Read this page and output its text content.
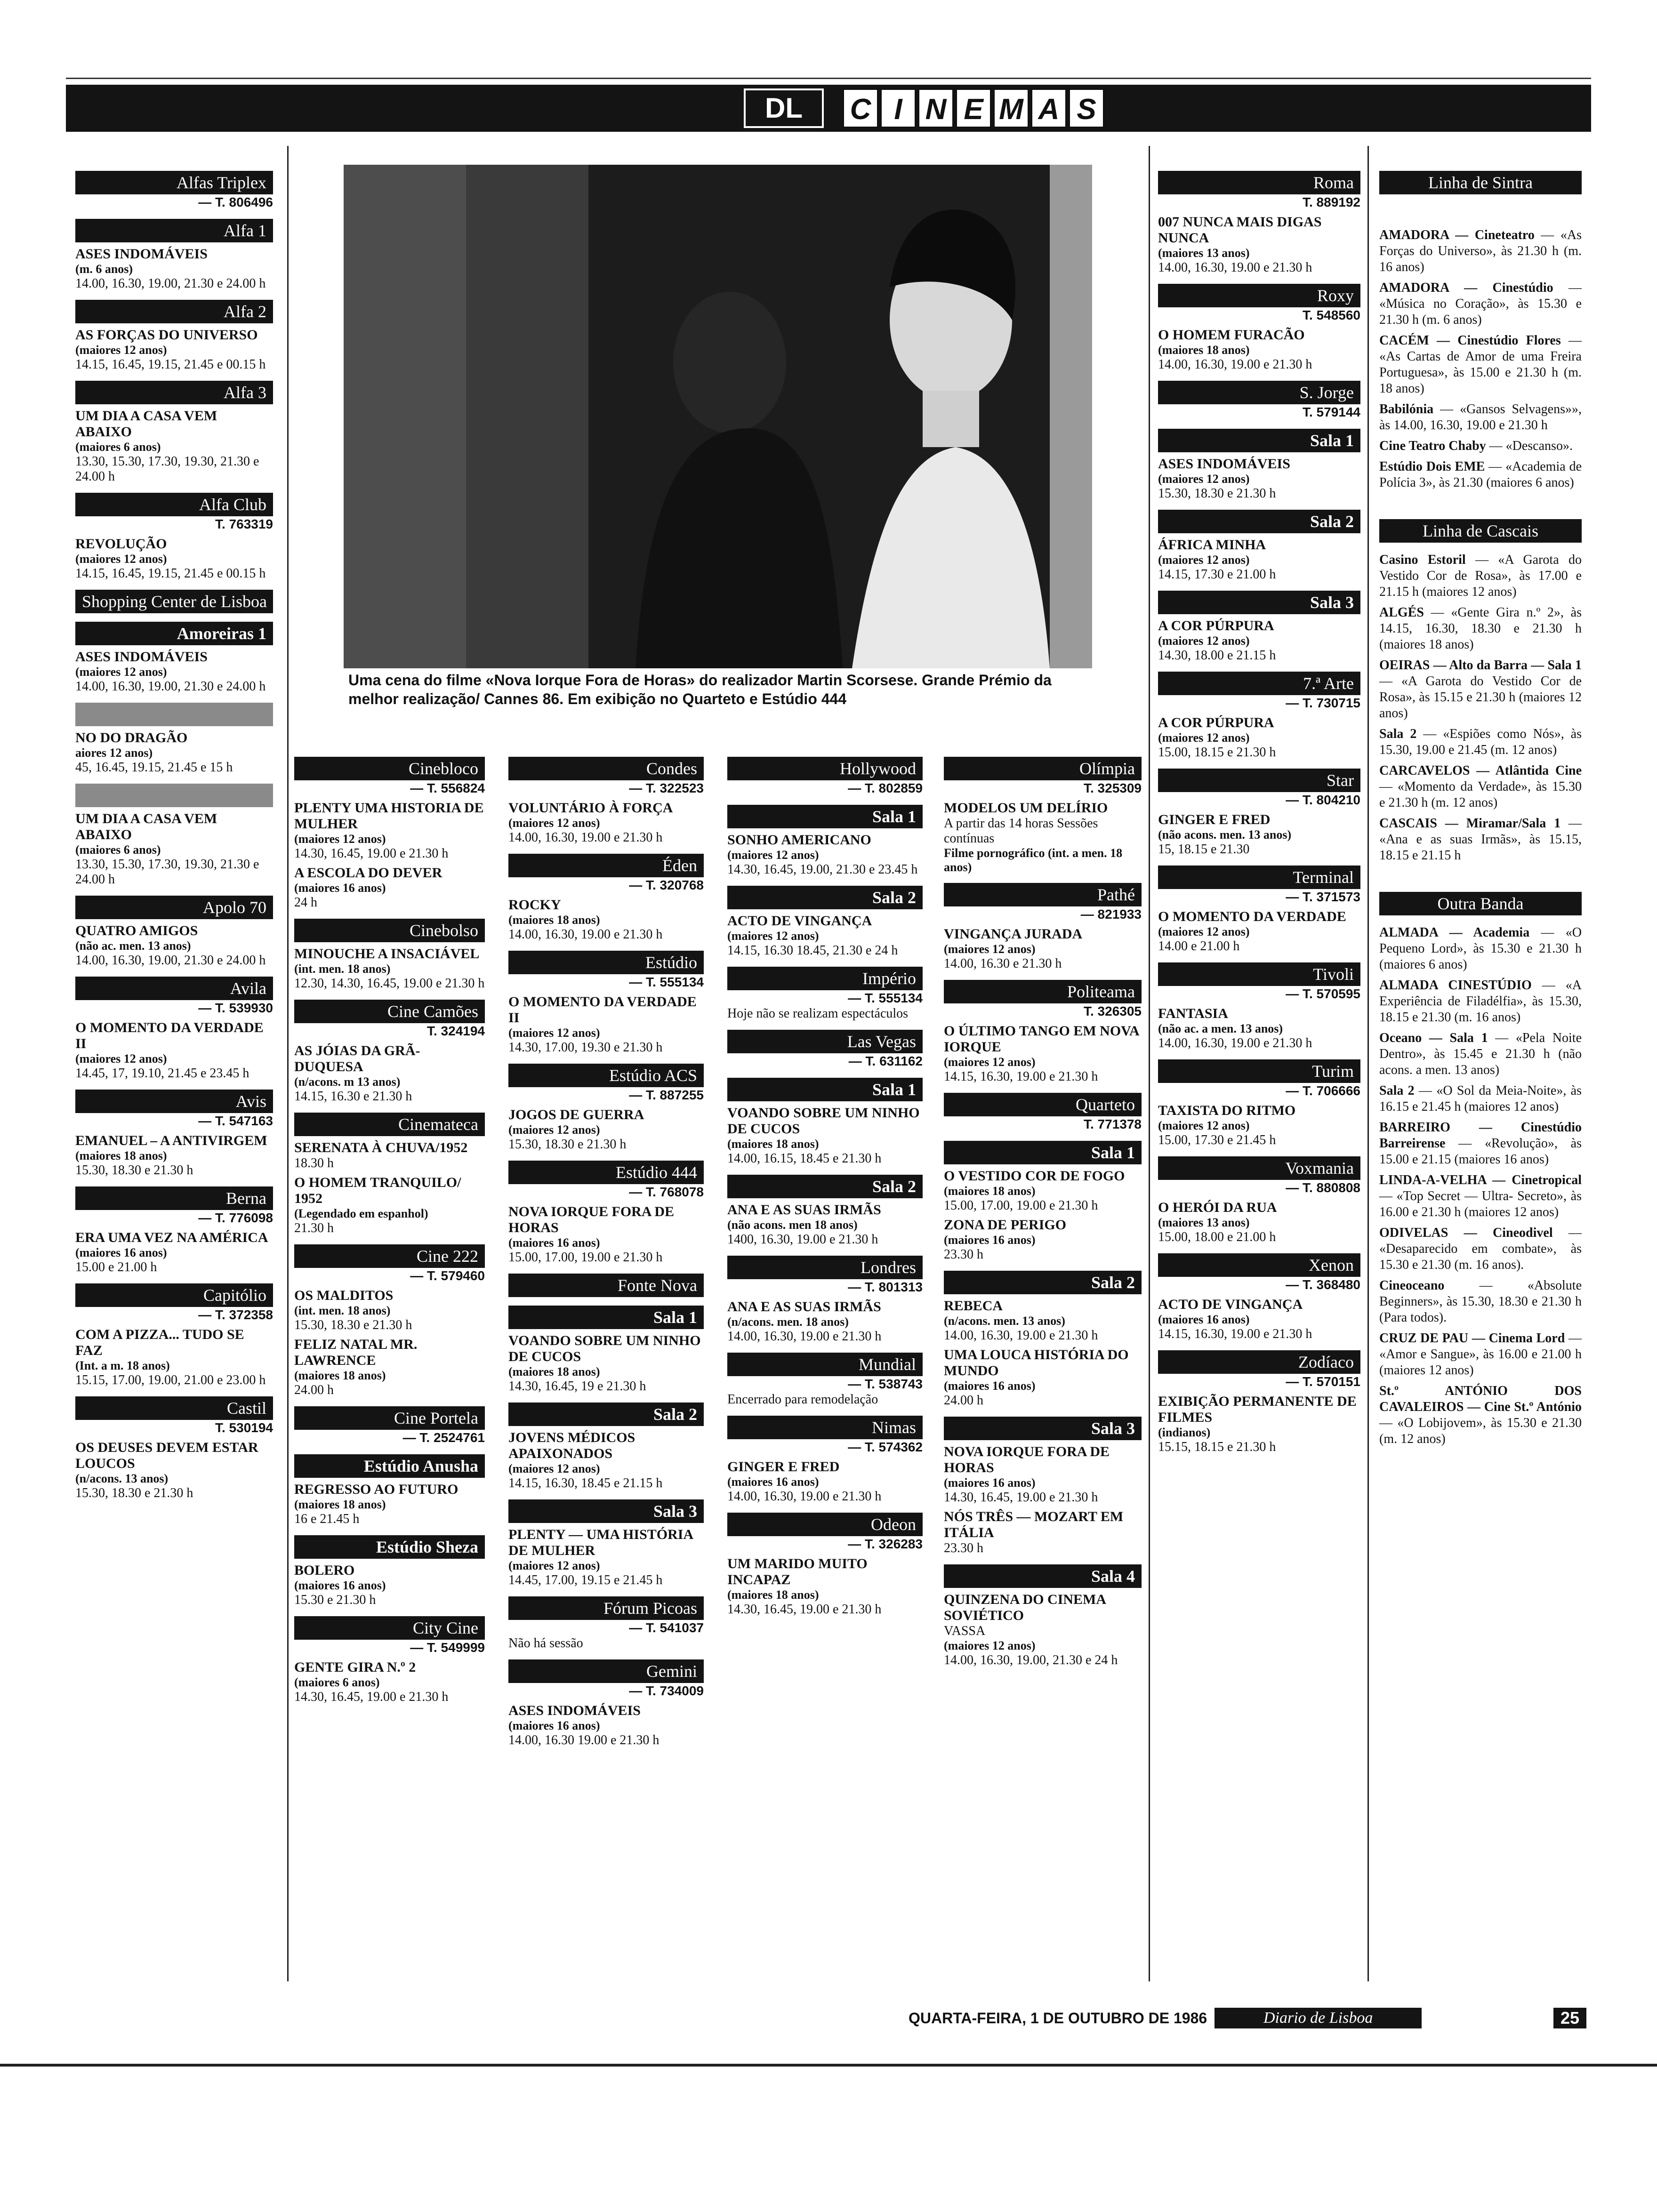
DL	C I N E M A S
Uma cena do filme «Nova Iorque Fora de Horas» do realizador Martin Scorsese. Grande Prémio da melhor realização/ Cannes 86. Em exibição no Quarteto e Estúdio 444
Alfas Triplex
— T. 806496
Alfa 1
ASES INDOMÁVEIS
(m. 6 anos)
14.00, 16.30, 19.00, 21.30 e 24.00 h
Alfa 2
AS FORÇAS DO UNIVERSO
(maiores 12 anos)
14.15, 16.45, 19.15, 21.45 e 00.15 h
Alfa 3
UM DIA A CASA VEM ABAIXO
(maiores 6 anos)
13.30, 15.30, 17.30, 19.30, 21.30 e 24.00 h
Alfa Club
T. 763319
REVOLUÇÃO
(maiores 12 anos)
14.15, 16.45, 19.15, 21.45 e 00.15 h
Shopping Center de Lisboa
Amoreiras 1
ASES INDOMÁVEIS
(maiores 12 anos)
14.00, 16.30, 19.00, 21.30 e 24.00 h
NO DO DRAGÃO
aiores 12 anos)
45, 16.45, 19.15, 21.45 e 15 h
UM DIA A CASA VEM ABAIXO
(maiores 6 anos)
13.30, 15.30, 17.30, 19.30, 21.30 e 24.00 h
Apolo 70
QUATRO AMIGOS
(não ac. men. 13 anos)
14.00, 16.30, 19.00, 21.30 e 24.00 h
Avila
— T. 539930
O MOMENTO DA VERDADE II
(maiores 12 anos)
14.45, 17, 19.10, 21.45 e 23.45 h
Avis
— T. 547163
EMANUEL – A ANTIVIRGEM
(maiores 18 anos)
15.30, 18.30 e 21.30 h
Berna
— T. 776098
ERA UMA VEZ NA AMÉRICA
(maiores 16 anos)
15.00 e 21.00 h
Capitólio
— T. 372358
COM A PIZZA... TUDO SE FAZ
(Int. a m. 18 anos)
15.15, 17.00, 19.00, 21.00 e 23.00 h
Castil
T. 530194
OS DEUSES DEVEM ESTAR LOUCOS
(n/acons. 13 anos)
15.30, 18.30 e 21.30 h
Cinebloco
— T. 556824
PLENTY UMA HISTORIA DE MULHER
(maiores 12 anos)
14.30, 16.45, 19.00 e 21.30 h
A ESCOLA DO DEVER
(maiores 16 anos)
24 h
Cinebolso
MINOUCHE A INSACIÁVEL
(int. men. 18 anos)
12.30, 14.30, 16.45, 19.00 e 21.30 h
Cine Camões
T. 324194
AS JÓIAS DA GRÃ-DUQUESA
(n/acons. m 13 anos)
14.15, 16.30 e 21.30 h
Cinemateca
SERENATA À CHUVA/1952
18.30 h
O HOMEM TRANQUILO/ 1952
(Legendado em espanhol)
21.30 h
Cine 222
— T. 579460
OS MALDITOS
(int. men. 18 anos)
15.30, 18.30 e 21.30 h
FELIZ NATAL MR. LAWRENCE
(maiores 18 anos)
24.00 h
Cine Portela
— T. 2524761
Estúdio Anusha
REGRESSO AO FUTURO
(maiores 18 anos)
16 e 21.45 h
Estúdio Sheza
BOLERO
(maiores 16 anos)
15.30 e 21.30 h
City Cine
— T. 549999
GENTE GIRA N.º 2
(maiores 6 anos)
14.30, 16.45, 19.00 e 21.30 h
Condes
— T. 322523
VOLUNTÁRIO À FORÇA
(maiores 12 anos)
14.00, 16.30, 19.00 e 21.30 h
Éden
— T. 320768
ROCKY
(maiores 18 anos)
14.00, 16.30, 19.00 e 21.30 h
Estúdio
— T. 555134
O MOMENTO DA VERDADE II
(maiores 12 anos)
14.30, 17.00, 19.30 e 21.30 h
Estúdio ACS
— T. 887255
JOGOS DE GUERRA
(maiores 12 anos)
15.30, 18.30 e 21.30 h
Estúdio 444
— T. 768078
NOVA IORQUE FORA DE HORAS
(maiores 16 anos)
15.00, 17.00, 19.00 e 21.30 h
Fonte Nova
Sala 1
VOANDO SOBRE UM NINHO DE CUCOS
(maiores 18 anos)
14.30, 16.45, 19 e 21.30 h
Sala 2
JOVENS MÉDICOS APAIXONADOS
(maiores 12 anos)
14.15, 16.30, 18.45 e 21.15 h
Sala 3
PLENTY — UMA HISTÓRIA DE MULHER
(maiores 12 anos)
14.45, 17.00, 19.15 e 21.45 h
Fórum Picoas
— T. 541037
Não há sessão
Gemini
— T. 734009
ASES INDOMÁVEIS
(maiores 16 anos)
14.00, 16.30 19.00 e 21.30 h
Hollywood
— T. 802859
Sala 1
SONHO AMERICANO
(maiores 12 anos)
14.30, 16.45, 19.00, 21.30 e 23.45 h
Sala 2
ACTO DE VINGANÇA
(maiores 12 anos)
14.15, 16.30 18.45, 21.30 e 24 h
Império
— T. 555134
Hoje não se realizam espectáculos
Las Vegas
— T. 631162
Sala 1
VOANDO SOBRE UM NINHO DE CUCOS
(maiores 18 anos)
14.00, 16.15, 18.45 e 21.30 h
Sala 2
ANA E AS SUAS IRMÃS
(não acons. men 18 anos)
1400, 16.30, 19.00 e 21.30 h
Londres
— T. 801313
ANA E AS SUAS IRMÃS
(n/acons. men. 18 anos)
14.00, 16.30, 19.00 e 21.30 h
Mundial
— T. 538743
Encerrado para remodelação
Nimas
— T. 574362
GINGER E FRED
(maiores 16 anos)
14.00, 16.30, 19.00 e 21.30 h
Odeon
— T. 326283
UM MARIDO MUITO INCAPAZ
(maiores 18 anos)
14.30, 16.45, 19.00 e 21.30 h
Olímpia
T. 325309
MODELOS UM DELÍRIO
A partir das 14 horas Sessões contínuas
Filme pornográfico (int. a men. 18 anos)
Pathé
— 821933
VINGANÇA JURADA
(maiores 12 anos)
14.00, 16.30 e 21.30 h
Politeama
T. 326305
O ÚLTIMO TANGO EM NOVA IORQUE
(maiores 12 anos)
14.15, 16.30, 19.00 e 21.30 h
Quarteto
T. 771378
Sala 1
O VESTIDO COR DE FOGO
(maiores 18 anos)
15.00, 17.00, 19.00 e 21.30 h
ZONA DE PERIGO
(maiores 16 anos)
23.30 h
Sala 2
REBECA
(n/acons. men. 13 anos)
14.00, 16.30, 19.00 e 21.30 h
UMA LOUCA HISTÓRIA DO MUNDO
(maiores 16 anos)
24.00 h
Sala 3
NOVA IORQUE FORA DE HORAS
(maiores 16 anos)
14.30, 16.45, 19.00 e 21.30 h
NÓS TRÊS — MOZART EM ITÁLIA
23.30 h
Sala 4
QUINZENA DO CINEMA SOVIÉTICO
VASSA
(maiores 12 anos)
14.00, 16.30, 19.00, 21.30 e 24 h
Roma
T. 889192
007 NUNCA MAIS DIGAS NUNCA
(maiores 13 anos)
14.00, 16.30, 19.00 e 21.30 h
Roxy
T. 548560
O HOMEM FURACÃO
(maiores 18 anos)
14.00, 16.30, 19.00 e 21.30 h
S. Jorge
T. 579144
Sala 1
ASES INDOMÁVEIS
(maiores 12 anos)
15.30, 18.30 e 21.30 h
Sala 2
ÁFRICA MINHA
(maiores 12 anos)
14.15, 17.30 e 21.00 h
Sala 3
A COR PÚRPURA
(maiores 12 anos)
14.30, 18.00 e 21.15 h
7.ª Arte
— T. 730715
A COR PÚRPURA
(maiores 12 anos)
15.00, 18.15 e 21.30 h
Star
— T. 804210
GINGER E FRED
(não acons. men. 13 anos)
15, 18.15 e 21.30
Terminal
— T. 371573
O MOMENTO DA VERDADE
(maiores 12 anos)
14.00 e 21.00 h
Tivoli
— T. 570595
FANTASIA
(não ac. a men. 13 anos)
14.00, 16.30, 19.00 e 21.30 h
Turim
— T. 706666
TAXISTA DO RITMO
(maiores 12 anos)
15.00, 17.30 e 21.45 h
Voxmania
— T. 880808
O HERÓI DA RUA
(maiores 13 anos)
15.00, 18.00 e 21.00 h
Xenon
— T. 368480
ACTO DE VINGANÇA
(maiores 16 anos)
14.15, 16.30, 19.00 e 21.30 h
Zodíaco
— T. 570151
EXIBIÇÃO PERMANENTE DE FILMES
(indianos)
15.15, 18.15 e 21.30 h
Linha de Sintra

AMADORA — Cineteatro — «As Forças do Universo», às 21.30 h (m. 16 anos)

AMADORA — Cinestúdio — «Música no Coração», às 15.30 e 21.30 h (m. 6 anos)

CACÉM — Cinestúdio Flores — «As Cartas de Amor de uma Freira Portuguesa», às 15.00 e 21.30 h (m. 18 anos)

Babilónia — «Gansos Selvagens»», às 14.00, 16.30, 19.00 e 21.30 h

Cine Teatro Chaby — «Descanso».

Estúdio Dois EME — «Academia de Polícia 3», às 21.30 (maiores 6 anos)

Linha de Cascais

Casino Estoril — «A Garota do Vestido Cor de Rosa», às 17.00 e 21.15 h (maiores 12 anos)

ALGÉS — «Gente Gira n.º 2», às 14.15, 16.30, 18.30 e 21.30 h (maiores 18 anos)

OEIRAS — Alto da Barra — Sala 1 — «A Garota do Vestido Cor de Rosa», às 15.15 e 21.30 h (maiores 12 anos)

Sala 2 — «Espiões como Nós», às 15.30, 19.00 e 21.45 (m. 12 anos)

CARCAVELOS — Atlântida Cine — «Momento da Verdade», às 15.30 e 21.30 h (m. 12 anos)

CASCAIS — Miramar/Sala 1 — «Ana e as suas Irmãs», às 15.15, 18.15 e 21.15 h

Outra Banda

ALMADA — Academia — «O Pequeno Lord», às 15.30 e 21.30 h (maiores 6 anos)

ALMADA CINESTÚDIO — «A Experiência de Filadélfia», às 15.30, 18.15 e 21.30 (m. 16 anos)

Oceano — Sala 1 — «Pela Noite Dentro», às 15.45 e 21.30 h (não acons. a men. 13 anos)

Sala 2 — «O Sol da Meia-Noite», às 16.15 e 21.45 h (maiores 12 anos)

BARREIRO — Cinestúdio Barreirense — «Revolução», às 15.00 e 21.15 (maiores 16 anos)

LINDA-A-VELHA — Cinetropical — «Top Secret — Ultra- Secreto», às 16.00 e 21.30 h (maiores 12 anos)

ODIVELAS — Cineodivel — «Desaparecido em combate», às 15.30 e 21.30 (m. 16 anos).

Cineoceano — «Absolute Beginners», às 15.30, 18.30 e 21.30 h (Para todos).

CRUZ DE PAU — Cinema Lord — «Amor e Sangue», às 16.00 e 21.00 h (maiores 12 anos)

St.º ANTÓNIO DOS CAVALEIROS — Cine St.º António — «O Lobijovem», às 15.30 e 21.30 (m. 12 anos)

QUARTA-FEIRA, 1 DE OUTUBRO DE 1986	Diario de Lisboa	25
